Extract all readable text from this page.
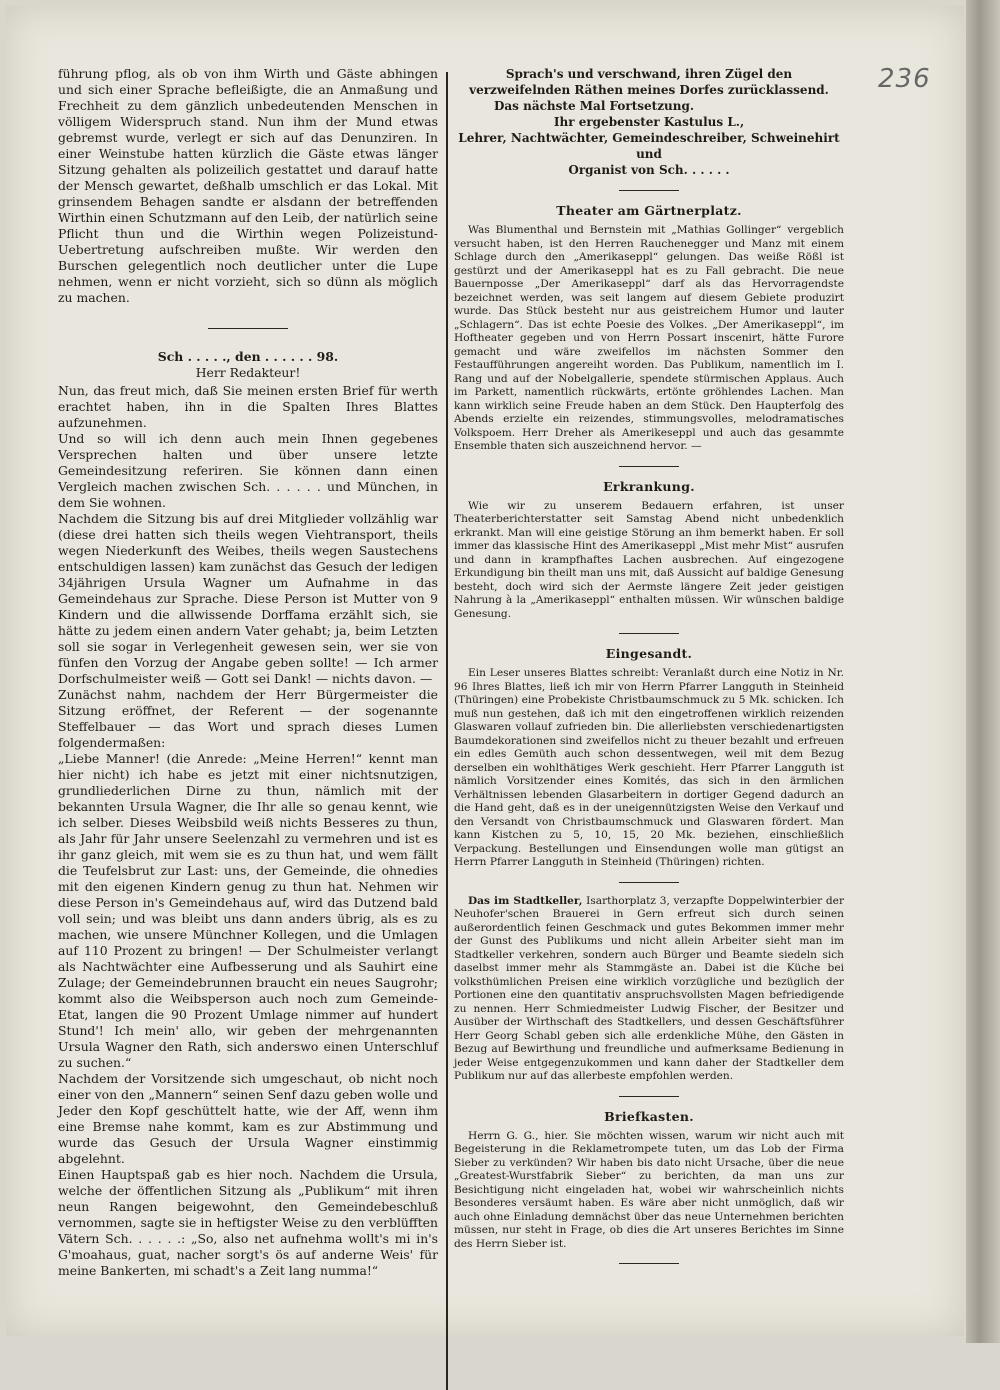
236

führung pflog, als ob von ihm Wirth und Gäste abhingen und sich einer Sprache befleißigte, die an Anmaßung und Frechheit zu dem gänzlich unbedeutenden Menschen in völligem Widerspruch stand. Nun ihm der Mund etwas gebremst wurde, verlegt er sich auf das Denunziren. In einer Weinstube hatten kürzlich die Gäste etwas länger Sitzung gehalten als polizeilich gestattet und darauf hatte der Mensch gewartet, deßhalb umschlich er das Lokal. Mit grinsendem Behagen sandte er alsdann der betreffenden Wirthin einen Schutzmann auf den Leib, der natürlich seine Pflicht thun und die Wirthin wegen Polizeistund-Uebertretung aufschreiben mußte. Wir werden den Burschen gelegentlich noch deutlicher unter die Lupe nehmen, wenn er nicht vorzieht, sich so dünn als möglich zu machen.

Sch . . . . ., den . . . . . . 98.

Herr Redakteur!

Nun, das freut mich, daß Sie meinen ersten Brief für werth erachtet haben, ihn in die Spalten Ihres Blattes aufzunehmen.

Und so will ich denn auch mein Ihnen gegebenes Versprechen halten und über unsere letzte Gemeindesitzung referiren. Sie können dann einen Vergleich machen zwischen Sch. . . . . . und München, in dem Sie wohnen.

Nachdem die Sitzung bis auf drei Mitglieder vollzählig war (diese drei hatten sich theils wegen Viehtransport, theils wegen Niederkunft des Weibes, theils wegen Saustechens entschuldigen lassen) kam zunächst das Gesuch der ledigen 34jährigen Ursula Wagner um Aufnahme in das Gemeindehaus zur Sprache. Diese Person ist Mutter von 9 Kindern und die allwissende Dorffama erzählt sich, sie hätte zu jedem einen andern Vater gehabt; ja, beim Letzten soll sie sogar in Verlegenheit gewesen sein, wer sie von fünfen den Vorzug der Angabe geben sollte! — Ich armer Dorfschulmeister weiß — Gott sei Dank! — nichts davon. —

Zunächst nahm, nachdem der Herr Bürgermeister die Sitzung eröffnet, der Referent — der sogenannte Steffelbauer — das Wort und sprach dieses Lumen folgendermaßen:

„Liebe Manner! (die Anrede: „Meine Herren!“ kennt man hier nicht) ich habe es jetzt mit einer nichtsnutzigen, grundliederlichen Dirne zu thun, nämlich mit der bekannten Ursula Wagner, die Ihr alle so genau kennt, wie ich selber. Dieses Weibsbild weiß nichts Besseres zu thun, als Jahr für Jahr unsere Seelenzahl zu vermehren und ist es ihr ganz gleich, mit wem sie es zu thun hat, und wem fällt die Teufelsbrut zur Last: uns, der Gemeinde, die ohnedies mit den eigenen Kindern genug zu thun hat. Nehmen wir diese Person in's Gemeindehaus auf, wird das Dutzend bald voll sein; und was bleibt uns dann anders übrig, als es zu machen, wie unsere Münchner Kollegen, und die Umlagen auf 110 Prozent zu bringen! — Der Schulmeister verlangt als Nachtwächter eine Aufbesserung und als Sauhirt eine Zulage; der Gemeindebrunnen braucht ein neues Saugrohr; kommt also die Weibsperson auch noch zum Gemeinde-Etat, langen die 90 Prozent Umlage nimmer auf hundert Stund'! Ich mein' allo, wir geben der mehrgenannten Ursula Wagner den Rath, sich anderswo einen Unterschluf zu suchen.“

Nachdem der Vorsitzende sich umgeschaut, ob nicht noch einer von den „Mannern“ seinen Senf dazu geben wolle und Jeder den Kopf geschüttelt hatte, wie der Aff, wenn ihm eine Bremse nahe kommt, kam es zur Abstimmung und wurde das Gesuch der Ursula Wagner einstimmig abgelehnt.

Einen Hauptspaß gab es hier noch. Nachdem die Ursula, welche der öffentlichen Sitzung als „Publikum“ mit ihren neun Rangen beigewohnt, den Gemeindebeschluß vernommen, sagte sie in heftigster Weise zu den verblüfften Vätern Sch. . . . . .: „So, also net aufnehma wollt's mi in's G'moahaus, guat, nacher sorgt's ös auf anderne Weis' für meine Bankerten, mi schadt's a Zeit lang numma!“

Sprach's und verschwand, ihren Zügel den verzweifelnden Räthen meines Dorfes zurücklassend.

Das nächste Mal Fortsetzung.

Ihr ergebenster Kastulus L.,

Lehrer, Nachtwächter, Gemeindeschreiber, Schweinehirt und

Organist von Sch. . . . . .

Theater am Gärtnerplatz.

Was Blumenthal und Bernstein mit „Mathias Gollinger“ vergeblich versucht haben, ist den Herren Rauchenegger und Manz mit einem Schlage durch den „Amerikaseppl“ gelungen. Das weiße Rößl ist gestürzt und der Amerikaseppl hat es zu Fall gebracht. Die neue Bauernposse „Der Amerikaseppl“ darf als das Hervorragendste bezeichnet werden, was seit langem auf diesem Gebiete produzirt wurde. Das Stück besteht nur aus geistreichem Humor und lauter „Schlagern“. Das ist echte Poesie des Volkes. „Der Amerikaseppl“, im Hoftheater gegeben und von Herrn Possart inscenirt, hätte Furore gemacht und wäre zweifellos im nächsten Sommer den Festaufführungen angereiht worden. Das Publikum, namentlich im I. Rang und auf der Nobelgallerie, spendete stürmischen Applaus. Auch im Parkett, namentlich rückwärts, ertönte gröhlendes Lachen. Man kann wirklich seine Freude haben an dem Stück. Den Haupterfolg des Abends erzielte ein reizendes, stimmungsvolles, melodramatisches Volkspoem. Herr Dreher als Amerikeseppl und auch das gesammte Ensemble thaten sich auszeichnend hervor. —

Erkrankung.

Wie wir zu unserem Bedauern erfahren, ist unser Theaterberichterstatter seit Samstag Abend nicht unbedenklich erkrankt. Man will eine geistige Störung an ihm bemerkt haben. Er soll immer das klassische Hint des Amerikaseppl „Mist mehr Mist“ ausrufen und dann in krampfhaftes Lachen ausbrechen. Auf eingezogene Erkundigung bin theilt man uns mit, daß Aussicht auf baldige Genesung besteht, doch wird sich der Aermste längere Zeit jeder geistigen Nahrung à la „Amerikaseppl“ enthalten müssen. Wir wünschen baldige Genesung.

Eingesandt.

Ein Leser unseres Blattes schreibt: Veranlaßt durch eine Notiz in Nr. 96 Ihres Blattes, ließ ich mir von Herrn Pfarrer Langguth in Steinheid (Thüringen) eine Probekiste Christbaumschmuck zu 5 Mk. schicken. Ich muß nun gestehen, daß ich mit den eingetroffenen wirklich reizenden Glaswaren vollauf zufrieden bin. Die allerliebsten verschiedenartigsten Baumdekorationen sind zweifellos nicht zu theuer bezahlt und erfreuen ein edles Gemüth auch schon dessentwegen, weil mit dem Bezug derselben ein wohlthätiges Werk geschieht. Herr Pfarrer Langguth ist nämlich Vorsitzender eines Komités, das sich in den ärmlichen Verhältnissen lebenden Glasarbeitern in dortiger Gegend dadurch an die Hand geht, daß es in der uneigennützigsten Weise den Verkauf und den Versandt von Christbaumschmuck und Glaswaren fördert. Man kann Kistchen zu 5, 10, 15, 20 Mk. beziehen, einschließlich Verpackung. Bestellungen und Einsendungen wolle man gütigst an Herrn Pfarrer Langguth in Steinheid (Thüringen) richten.

Das im Stadtkeller, Isarthorplatz 3, verzapfte Doppelwinterbier der Neuhofer'schen Brauerei in Gern erfreut sich durch seinen außerordentlich feinen Geschmack und gutes Bekommen immer mehr der Gunst des Publikums und nicht allein Arbeiter sieht man im Stadtkeller verkehren, sondern auch Bürger und Beamte siedeln sich daselbst immer mehr als Stammgäste an. Dabei ist die Küche bei volksthümlichen Preisen eine wirklich vorzügliche und bezüglich der Portionen eine den quantitativ anspruchsvollsten Magen befriedigende zu nennen. Herr Schmiedmeister Ludwig Fischer, der Besitzer und Ausüber der Wirthschaft des Stadtkellers, und dessen Geschäftsführer Herr Georg Schabl geben sich alle erdenkliche Mühe, den Gästen in Bezug auf Bewirthung und freundliche und aufmerksame Bedienung in jeder Weise entgegenzukommen und kann daher der Stadtkeller dem Publikum nur auf das allerbeste empfohlen werden.

Briefkasten.

Herrn G. G., hier. Sie möchten wissen, warum wir nicht auch mit Begeisterung in die Reklametrompete tuten, um das Lob der Firma Sieber zu verkünden? Wir haben bis dato nicht Ursache, über die neue „Greatest-Wurstfabrik Sieber“ zu berichten, da man uns zur Besichtigung nicht eingeladen hat, wobei wir wahrscheinlich nichts Besonderes versäumt haben. Es wäre aber nicht unmöglich, daß wir auch ohne Einladung demnächst über das neue Unternehmen berichten müssen, nur steht in Frage, ob dies die Art unseres Berichtes im Sinne des Herrn Sieber ist.
